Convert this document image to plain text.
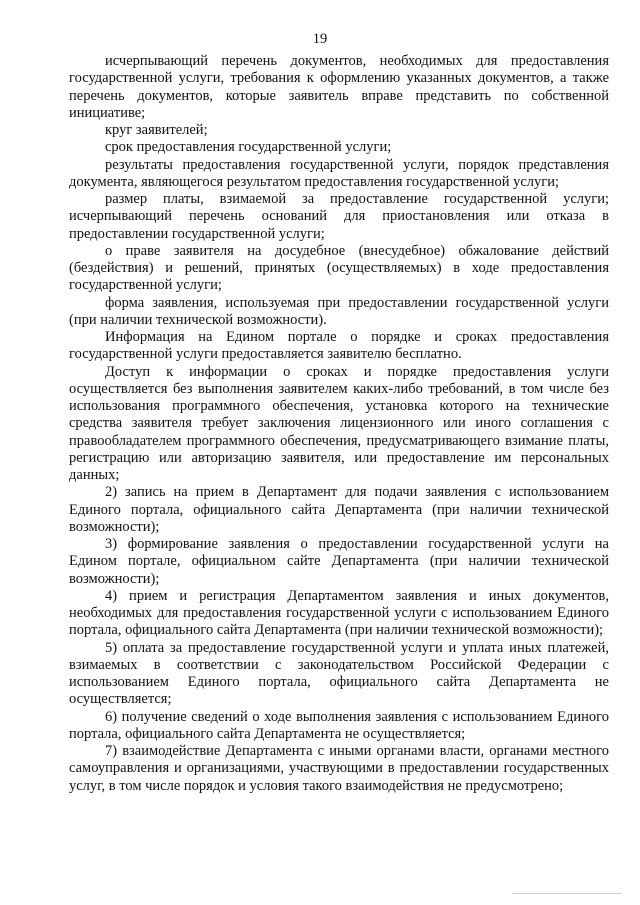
19

исчерпывающий перечень документов, необходимых для предоставления государственной услуги, требования к оформлению указанных документов, а также перечень документов, которые заявитель вправе представить по собственной инициативе;

круг заявителей;

срок предоставления государственной услуги;

результаты предоставления государственной услуги, порядок представления документа, являющегося результатом предоставления государственной услуги;

размер платы, взимаемой за предоставление государственной услуги; исчерпывающий перечень оснований для приостановления или отказа в предоставлении государственной услуги;

о праве заявителя на досудебное (внесудебное) обжалование действий (бездействия) и решений, принятых (осуществляемых) в ходе предоставления государственной услуги;

форма заявления, используемая при предоставлении государственной услуги (при наличии технической возможности).

Информация на Едином портале о порядке и сроках предоставления государственной услуги предоставляется заявителю бесплатно.

Доступ к информации о сроках и порядке предоставления услуги осуществляется без выполнения заявителем каких-либо требований, в том числе без использования программного обеспечения, установка которого на технические средства заявителя требует заключения лицензионного или иного соглашения с правообладателем программного обеспечения, предусматривающего взимание платы, регистрацию или авторизацию заявителя, или предоставление им персональных данных;

2) запись на прием в Департамент для подачи заявления с использованием Единого портала, официального сайта Департамента (при наличии технической возможности);

3) формирование заявления о предоставлении государственной услуги на Едином портале, официальном сайте Департамента (при наличии технической возможности);

4) прием и регистрация Департаментом заявления и иных документов, необходимых для предоставления государственной услуги с использованием Единого портала, официального сайта Департамента (при наличии технической возможности);

5) оплата за предоставление государственной услуги и уплата иных платежей, взимаемых в соответствии с законодательством Российской Федерации с использованием Единого портала, официального сайта Департамента не осуществляется;

6) получение сведений о ходе выполнения заявления с использованием Единого портала, официального сайта Департамента не осуществляется;

7) взаимодействие Департамента с иными органами власти, органами местного самоуправления и организациями, участвующими в предоставлении государственных услуг, в том числе порядок и условия такого взаимодействия не предусмотрено;
